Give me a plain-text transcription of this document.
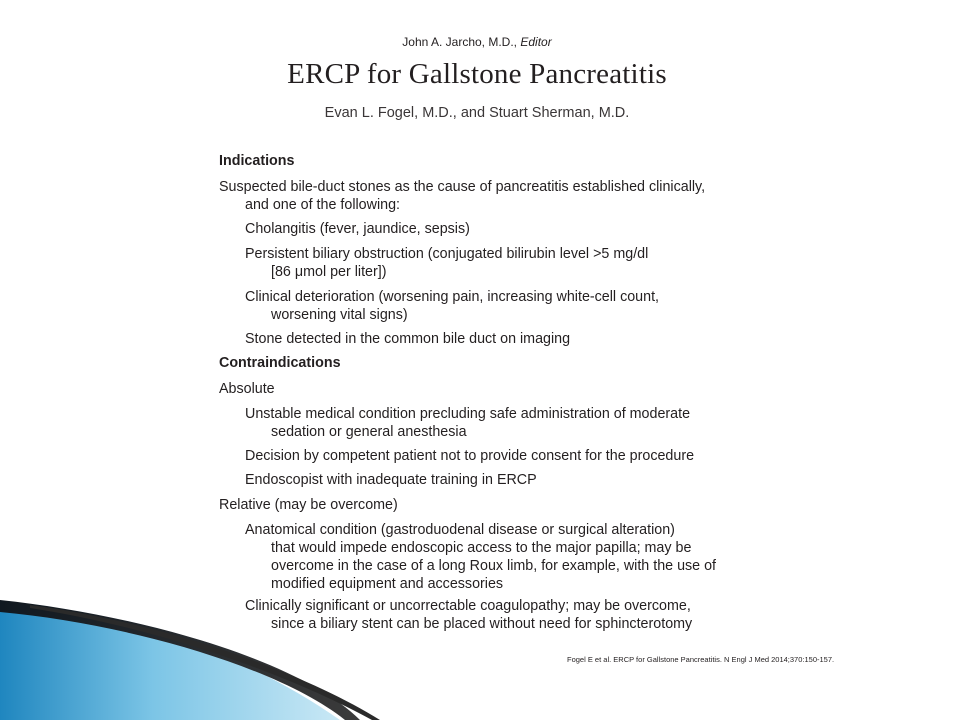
John A. Jarcho, M.D., Editor
ERCP for Gallstone Pancreatitis
Evan L. Fogel, M.D., and Stuart Sherman, M.D.
Indications
Suspected bile-duct stones as the cause of pancreatitis established clinically,
and one of the following:
Cholangitis (fever, jaundice, sepsis)
Persistent biliary obstruction (conjugated bilirubin level >5 mg/dl
[86 μmol per liter])
Clinical deterioration (worsening pain, increasing white-cell count,
worsening vital signs)
Stone detected in the common bile duct on imaging
Contraindications
Absolute
Unstable medical condition precluding safe administration of moderate
sedation or general anesthesia
Decision by competent patient not to provide consent for the procedure
Endoscopist with inadequate training in ERCP
Relative (may be overcome)
Anatomical condition (gastroduodenal disease or surgical alteration)
that would impede endoscopic access to the major papilla; may be
overcome in the case of a long Roux limb, for example, with the use of
modified equipment and accessories
Clinically significant or uncorrectable coagulopathy; may be overcome,
since a biliary stent can be placed without need for sphincterotomy
Fogel E et al. ERCP for Gallstone Pancreatitis. N Engl J Med 2014;370:150-157.
